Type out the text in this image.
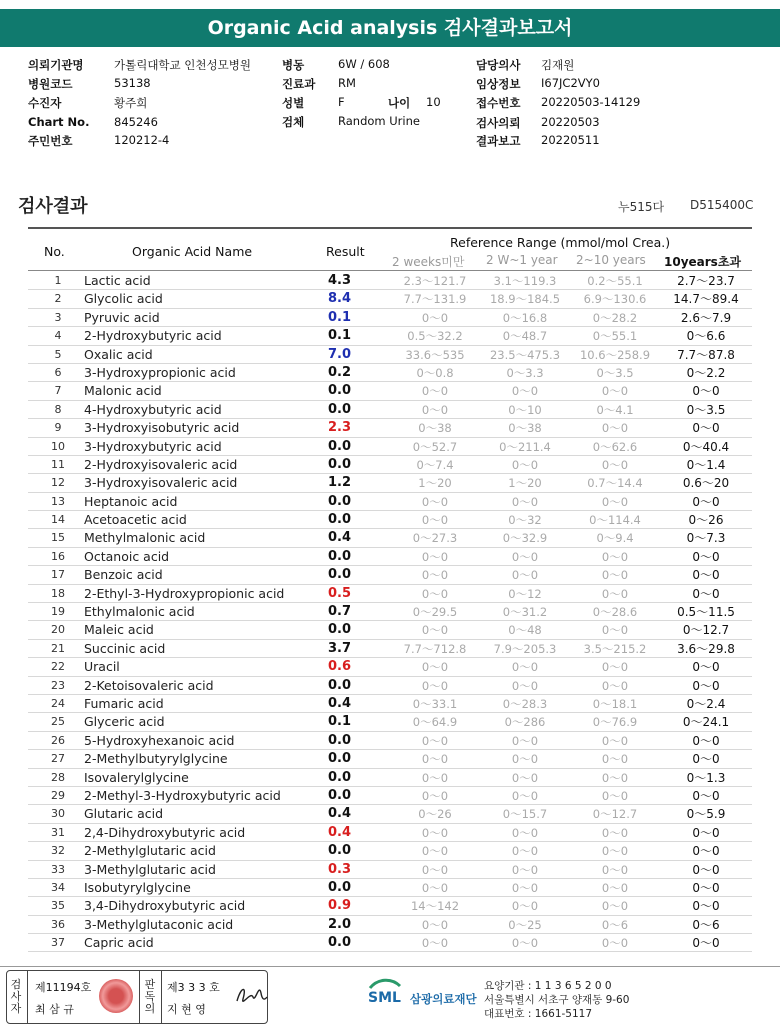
Organic Acid analysis 검사결과보고서
의뢰기관명	가톨릭대학교 인천성모병원
병원코드	53138
수진자	황주희
Chart No. 845246
주민번호	120212-4
병동	6W / 608
진료과 RM
성별	F	나이 10
검체	Random Urine
담당의사 김재원
임상정보 I67JC2VY0
접수번호 20220503-14129
검사의뢰 20220503
결과보고 20220511
검사결과	누515다 D515400C
No.	Organic Acid Name	Result
Reference Range (mmol/mol Crea.)
2 weeks미만 2 W~1 year 2~10 years 10years초과
1	Lactic acid	4.3	2.3～121.7	3.1～119.3	0.2～55.1	2.7～23.7
2	Glycolic acid	8.4	7.7～131.9	18.9～184.5	6.9～130.6	14.7～89.4
3	Pyruvic acid	0.1	0～0	0～16.8	0～28.2	2.6～7.9
4	2-Hydroxybutyric acid	0.1	0.5～32.2	0～48.7	0～55.1	0～6.6
5	Oxalic acid	7.0	33.6～535	23.5～475.3	10.6～258.9	7.7～87.8
6	3-Hydroxypropionic acid	0.2	0～0.8	0～3.3	0～3.5	0～2.2
7	Malonic acid	0.0	0～0	0～0	0～0	0～0
8	4-Hydroxybutyric acid	0.0	0～0	0～10	0～4.1	0～3.5
9	3-Hydroxyisobutyric acid	2.3	0～38	0～38	0～0	0～0
10	3-Hydroxybutyric acid	0.0	0～52.7	0～211.4	0～62.6	0～40.4
11	2-Hydroxyisovaleric acid	0.0	0～7.4	0～0	0～0	0～1.4
12	3-Hydroxyisovaleric acid	1.2	1～20	1～20	0.7～14.4	0.6～20
13	Heptanoic acid	0.0	0～0	0～0	0～0	0～0
14	Acetoacetic acid	0.0	0～0	0～32	0～114.4	0～26
15	Methylmalonic acid	0.4	0～27.3	0～32.9	0～9.4	0～7.3
16	Octanoic acid	0.0	0～0	0～0	0～0	0～0
17	Benzoic acid	0.0	0～0	0～0	0～0	0～0
18	2-Ethyl-3-Hydroxypropionic acid	0.5	0～0	0～12	0～0	0～0
19	Ethylmalonic acid	0.7	0～29.5	0～31.2	0～28.6	0.5～11.5
20	Maleic acid	0.0	0～0	0～48	0～0	0～12.7
21	Succinic acid	3.7	7.7～712.8	7.9～205.3	3.5～215.2	3.6～29.8
22	Uracil	0.6	0～0	0～0	0～0	0～0
23	2-Ketoisovaleric acid	0.0	0～0	0～0	0～0	0～0
24	Fumaric acid	0.4	0～33.1	0～28.3	0～18.1	0～2.4
25	Glyceric acid	0.1	0～64.9	0～286	0～76.9	0～24.1
26	5-Hydroxyhexanoic acid	0.0	0～0	0～0	0～0	0～0
27	2-Methylbutyrylglycine	0.0	0～0	0～0	0～0	0～0
28	Isovalerylglycine	0.0	0～0	0～0	0～0	0～1.3
29	2-Methyl-3-Hydroxybutyric acid	0.0	0～0	0～0	0～0	0～0
30	Glutaric acid	0.4	0～26	0～15.7	0～12.7	0～5.9
31	2,4-Dihydroxybutyric acid	0.4	0～0	0～0	0～0	0～0
32	2-Methylglutaric acid	0.0	0～0	0～0	0～0	0～0
33	3-Methylglutaric acid	0.3	0～0	0～0	0～0	0～0
34	Isobutyrylglycine	0.0	0～0	0～0	0～0	0～0
35	3,4-Dihydroxybutyric acid	0.9	14～142	0～0	0～0	0～0
36	3-Methylglutaconic acid	2.0	0～0	0～25	0～6	0～6
37	Capric acid	0.0	0～0	0～0	0～0	0～0
검사자
제11194호
최 삼 규
판독의
제3 3 3 호
지 현 영
SML 삼광의료재단
요양기관 : 1 1 3 6 5 2 0 0
서울특별시 서초구 양재동 9-60
대표번호 : 1661-5117
